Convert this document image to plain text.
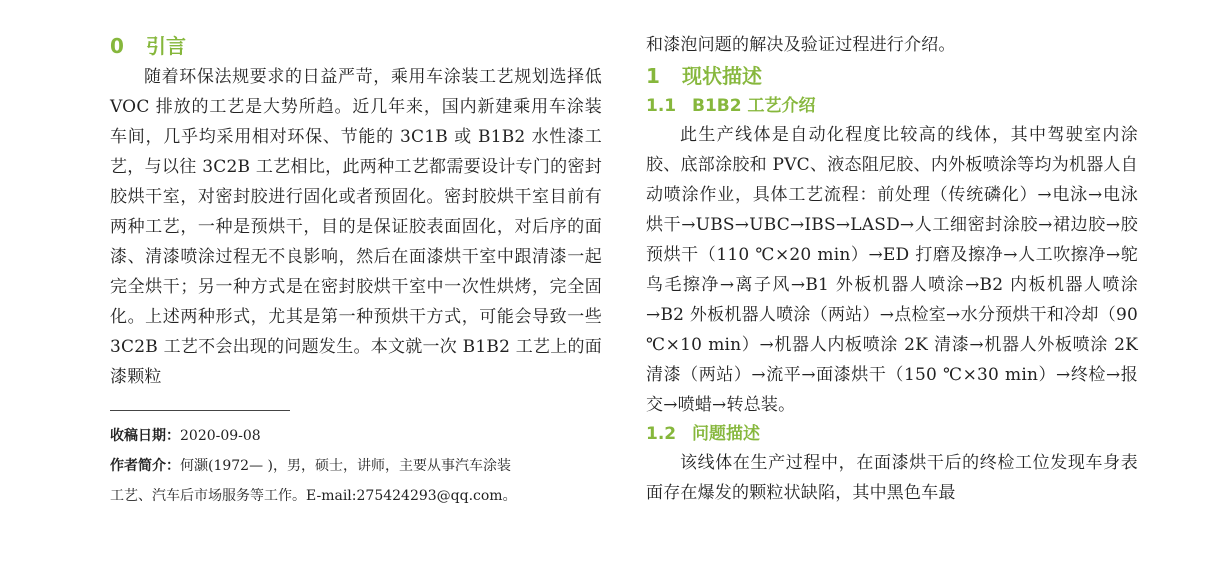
0 引言
随着环保法规要求的日益严苛，乘用车涂装工艺规划选择低 VOC 排放的工艺是大势所趋。近几年来，国内新建乘用车涂装车间，几乎均采用相对环保、节能的 3C1B 或 B1B2 水性漆工艺，与以往 3C2B 工艺相比，此两种工艺都需要设计专门的密封胶烘干室，对密封胶进行固化或者预固化。密封胶烘干室目前有两种工艺，一种是预烘干，目的是保证胶表面固化，对后序的面漆、清漆喷涂过程无不良影响，然后在面漆烘干室中跟清漆一起完全烘干；另一种方式是在密封胶烘干室中一次性烘烤，完全固化。上述两种形式，尤其是第一种预烘干方式，可能会导致一些 3C2B 工艺不会出现的问题发生。本文就一次 B1B2 工艺上的面漆颗粒

收稿日期：2020-09-08

作者简介：何灏(1972— )，男，硕士，讲师，主要从事汽车涂装

工艺、汽车后市场服务等工作。E-mail:275424293@qq.com。

和漆泡问题的解决及验证过程进行介绍。
1 现状描述
1.1 B1B2 工艺介绍
此生产线体是自动化程度比较高的线体，其中驾驶室内涂胶、底部涂胶和 PVC、液态阻尼胶、内外板喷涂等均为机器人自动喷涂作业，具体工艺流程：前处理（传统磷化）→电泳→电泳烘干→UBS→UBC→IBS→LASD→人工细密封涂胶→裙边胶→胶预烘干（110 ℃×20 min）→ED 打磨及擦净→人工吹擦净→鸵鸟毛擦净→离子风→B1 外板机器人喷涂→B2 内板机器人喷涂→B2 外板机器人喷涂（两站）→点检室→水分预烘干和冷却（90 ℃×10 min）→机器人内板喷涂 2K 清漆→机器人外板喷涂 2K 清漆（两站）→流平→面漆烘干（150 ℃×30 min）→终检→报交→喷蜡→转总装。
1.2 问题描述
该线体在生产过程中，在面漆烘干后的终检工位发现车身表面存在爆发的颗粒状缺陷，其中黑色车最
